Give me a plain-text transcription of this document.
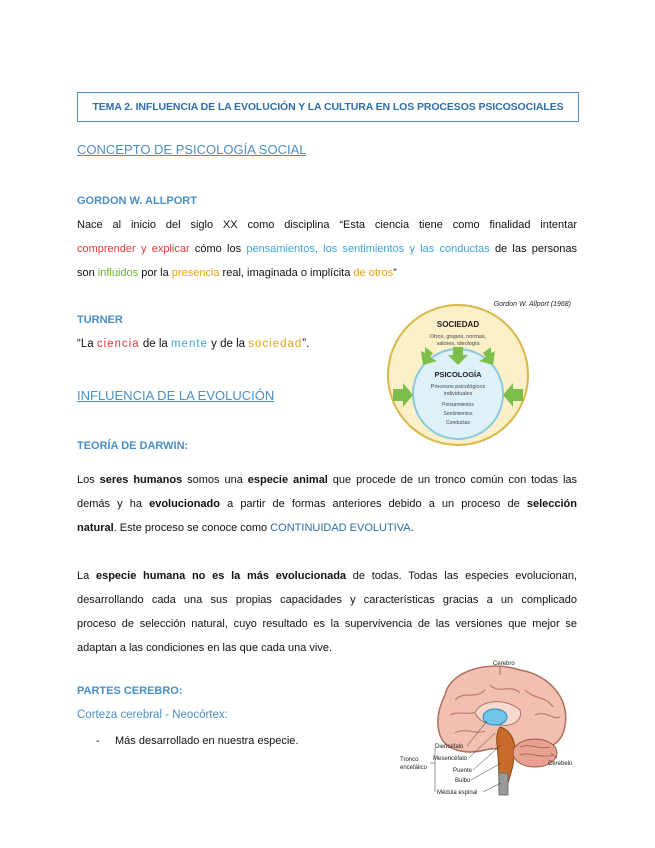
TEMA 2. INFLUENCIA DE LA EVOLUCIÓN Y LA CULTURA EN LOS PROCESOS PSICOSOCIALES
CONCEPTO DE PSICOLOGÍA SOCIAL
GORDON W. ALLPORT
Nace al inicio del siglo XX como disciplina “Esta ciencia tiene como finalidad intentar
comprender y explicar cómo los pensamientos, los sentimientos y las conductas de las personas
son influidos por la presencia real, imaginada o implícita de otros”
TURNER
“La ciencia de la mente y de la sociedad”.
Gordon W. Allport (1968)
SOCIEDAD
Otros, grupos, normas,
valores, ideología
PSICOLOGÍA
Procesos psicológicos
individuales
Pensamientos
Sentimientos
Conductas
INFLUENCIA DE LA EVOLUCIÓN
TEORÍA DE DARWIN:
Los seres humanos somos una especie animal que procede de un tronco común con todas las
demás y ha evolucionado a partir de formas anteriores debido a un proceso de selección
natural. Este proceso se conoce como CONTINUIDAD EVOLUTIVA.
La especie humana no es la más evolucionada de todas. Todas las especies evolucionan,
desarrollando cada una sus propias capacidades y características gracias a un complicado
proceso de selección natural, cuyo resultado es la supervivencia de las versiones que mejor se
adaptan a las condiciones en las que cada una vive.
PARTES CEREBRO:
Corteza cerebral - Neocórtex:
- Más desarrollado en nuestra especie.
Cerebro
Diencéfalo
Mesencéfalo
Tronco
encefálico	Puente
Bulbo
Médula espinal
Cerebelo
